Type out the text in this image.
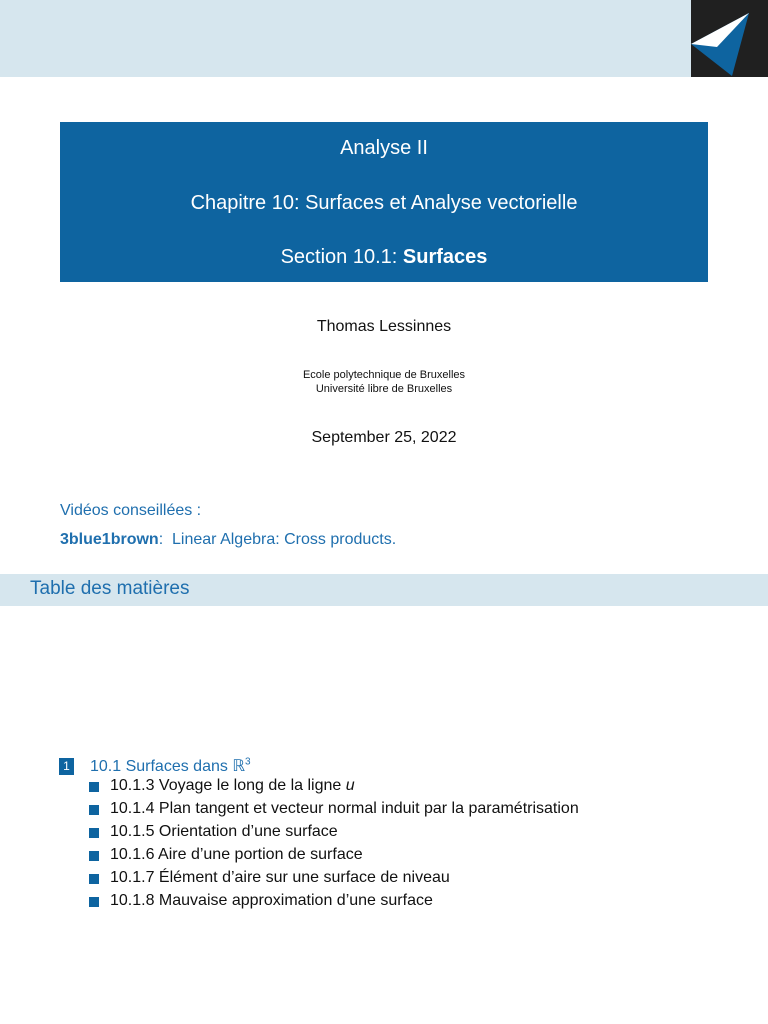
Analyse II
Chapitre 10: Surfaces et Analyse vectorielle
Section 10.1: Surfaces
Thomas Lessinnes
Ecole polytechnique de Bruxelles
Université libre de Bruxelles
September 25, 2022
Vidéos conseillées :
3blue1brown: Linear Algebra: Cross products.
Table des matières
1 10.1 Surfaces dans ℝ$^3$
10.1.3 Voyage le long de la ligne u
10.1.4 Plan tangent et vecteur normal induit par la paramétrisation
10.1.5 Orientation d’une surface
10.1.6 Aire d’une portion de surface
10.1.7 Élément d’aire sur une surface de niveau
10.1.8 Mauvaise approximation d’une surface
